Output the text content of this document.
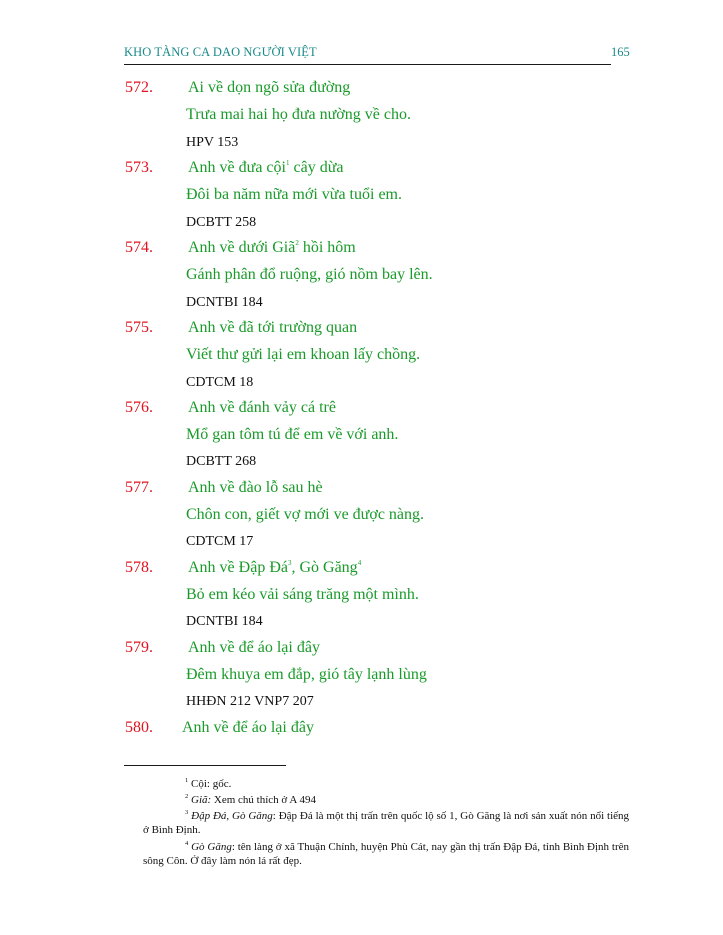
KHO TÀNG CA DAO NGƯỜI VIỆT	165
572. Ai về dọn ngõ sửa đường
Trưa mai hai họ đưa nường về cho.
HPV 153
573. Anh về đưa cội$^1$ cây dừa
Đôi ba năm nữa mới vừa tuổi em.
DCBTT 258
574. Anh về dưới Giã$^2$ hồi hôm
Gánh phân đổ ruộng, gió nồm bay lên.
DCNTBI 184
575. Anh về đã tới trường quan
Viết thư gửi lại em khoan lấy chồng.
CDTCM 18
576. Anh về đánh vảy cá trê
Mổ gan tôm tú để em về với anh.
DCBTT 268
577. Anh về đào lỗ sau hè
Chôn con, giết vợ mới ve được nàng.
CDTCM 17
578. Anh về Đập $Đá^3$, Gò Găng$^4$
Bỏ em kéo vải sáng trăng một mình.
DCNTBI 184
579. Anh về để áo lại đây
Đêm khuya em đắp, gió tây lạnh lùng
HHĐN 212 VNP7 207
580. Anh về để áo lại đây
$^1$ Cội: gốc.
$^2$ Giã: Xem chú thích ở A 494
$^3$ Đập Đá, Gò Găng: Đập Đá là một thị trấn trên quốc lộ số 1, Gò Găng là nơi sản xuất nón nổi tiếng ở Bình Định.
$^4$ Gò Găng: tên làng ở xã Thuận Chính, huyện Phù Cát, nay gần thị trấn Đập Đá, tỉnh Bình Định trên sông Côn. Ở đây làm nón lá rất đẹp.
